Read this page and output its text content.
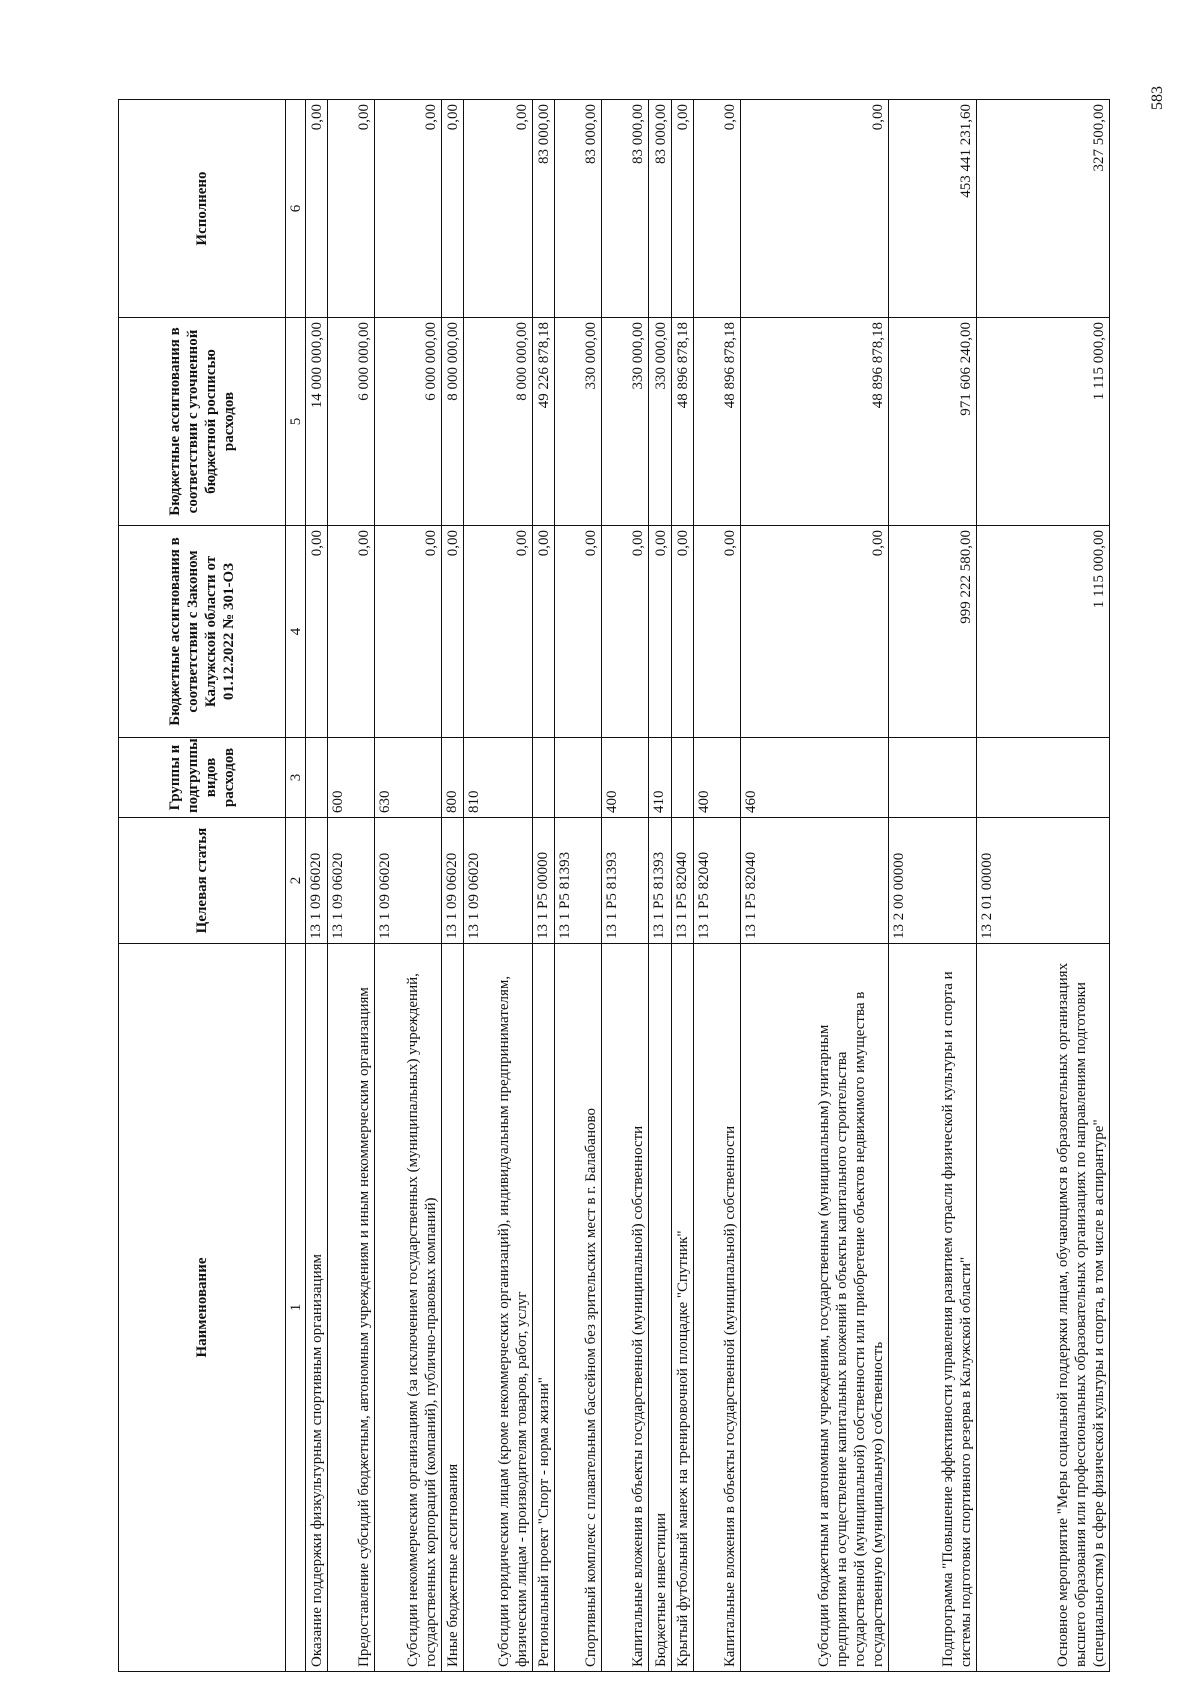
583
Наименование	Целевая статья	Группы и подгруппы видов расходов	Бюджетные ассигнования в соответствии с Законом Калужской области от 01.12.2022 № 301-ОЗ	Бюджетные ассигнования в соответствии с уточненной бюджетной росписью расходов	Исполнено
1	2	3	4	5	6
Оказание поддержки физкультурным спортивным организациям	13 1 09 06020		0,00	14 000 000,00	0,00
Предоставление субсидий бюджетным, автономным учреждениям и иным некоммерческим организациям	13 1 09 06020	600	0,00	6 000 000,00	0,00
Субсидии некоммерческим организациям (за исключением государственных (муниципальных) учреждений, государственных корпораций (компаний), публично-правовых компаний)	13 1 09 06020	630	0,00	6 000 000,00	0,00
Иные бюджетные ассигнования	13 1 09 06020	800	0,00	8 000 000,00	0,00
Субсидии юридическим лицам (кроме некоммерческих организаций), индивидуальным предпринимателям, физическим лицам - производителям товаров, работ, услуг	13 1 09 06020	810	0,00	8 000 000,00	0,00
Региональный проект "Спорт - норма жизни"	13 1 P5 00000		0,00	49 226 878,18	83 000,00
Спортивный комплекс с плавательным бассейном без зрительских мест в г. Балабаново	13 1 P5 81393		0,00	330 000,00	83 000,00
Капитальные вложения в объекты государственной (муниципальной) собственности	13 1 P5 81393	400	0,00	330 000,00	83 000,00
Бюджетные инвестиции	13 1 P5 81393	410	0,00	330 000,00	83 000,00
Крытый футбольный манеж на тренировочной площадке "Спутник"	13 1 P5 82040		0,00	48 896 878,18	0,00
Капитальные вложения в объекты государственной (муниципальной) собственности	13 1 P5 82040	400	0,00	48 896 878,18	0,00
Субсидии бюджетным и автономным учреждениям, государственным (муниципальным) унитарным предприятиям на осуществление капитальных вложений в объекты капитального строительства государственной (муниципальной) собственности или приобретение объектов недвижимого имущества в государственную (муниципальную) собственность	13 1 P5 82040	460	0,00	48 896 878,18	0,00
Подпрограмма "Повышение эффективности управления развитием отрасли физической культуры и спорта и системы подготовки спортивного резерва в Калужской области"	13 2 00 00000		999 222 580,00	971 606 240,00	453 441 231,60
Основное мероприятие "Меры социальной поддержки лицам, обучающимся в образовательных организациях высшего образования или профессиональных образовательных организациях по направлениям подготовки (специальностям) в сфере физической культуры и спорта, в том числе в аспирантуре"	13 2 01 00000		1 115 000,00	1 115 000,00	327 500,00
